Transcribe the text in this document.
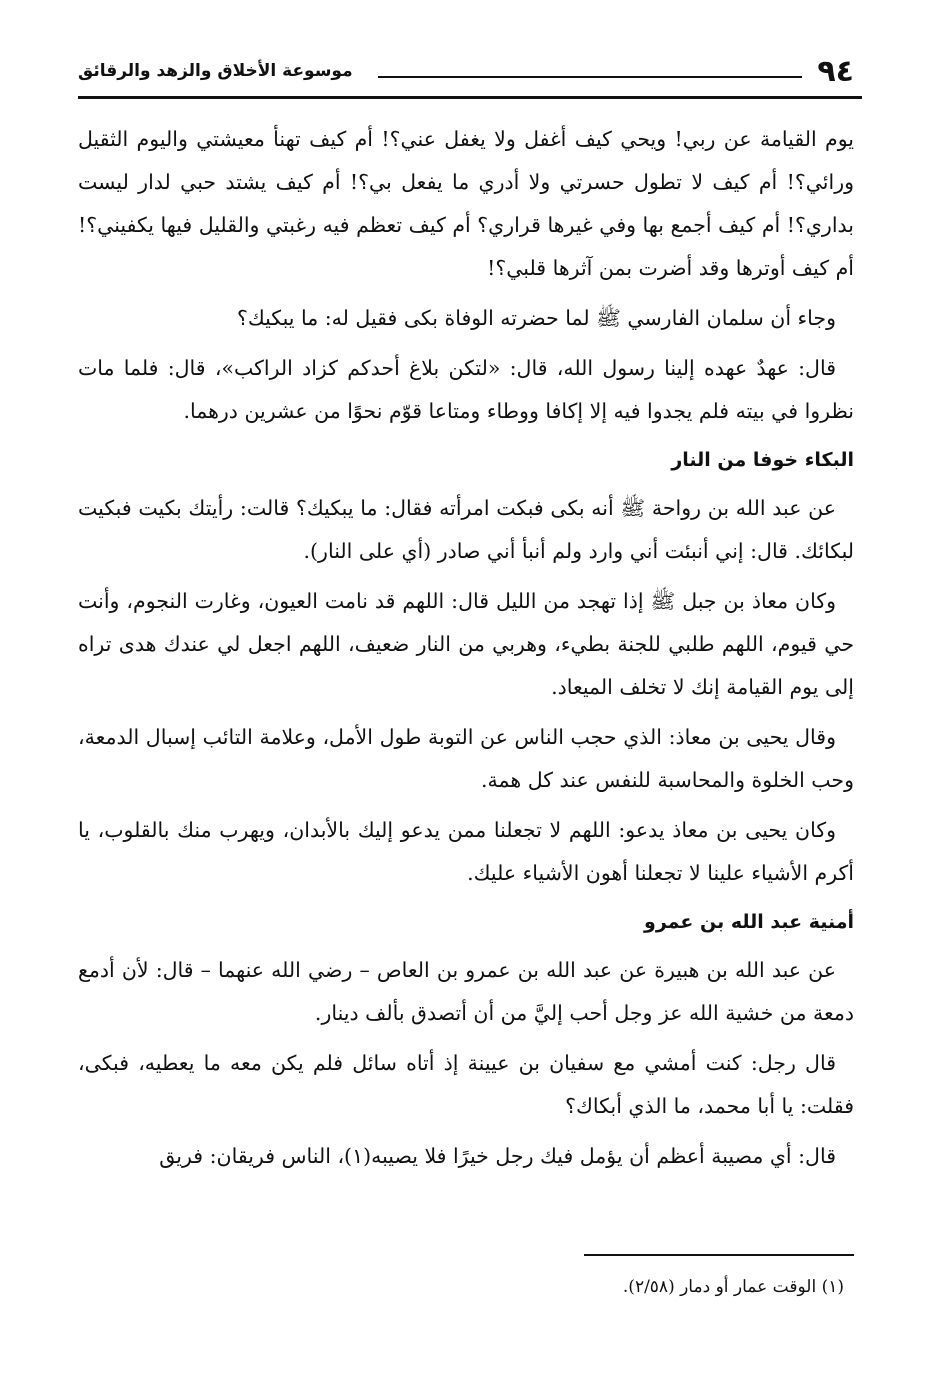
٩٤
موسوعة الأخلاق والزهد والرقائق

يوم القيامة عن ربي! ويحي كيف أغفل ولا يغفل عني؟! أم كيف تهنأ معيشتي واليوم الثقيل ورائي؟! أم كيف لا تطول حسرتي ولا أدري ما يفعل بي؟! أم كيف يشتد حبي لدار ليست بداري؟! أم كيف أجمع بها وفي غيرها قراري؟ أم كيف تعظم فيه رغبتي والقليل فيها يكفيني؟! أم كيف أوترها وقد أضرت بمن آثرها قلبي؟!

وجاء أن سلمان الفارسي ﷺ لما حضرته الوفاة بكى فقيل له: ما يبكيك؟

قال: عهدٌ عهده إلينا رسول الله، قال: «لتكن بلاغ أحدكم كزاد الراكب»، قال: فلما مات نظروا في بيته فلم يجدوا فيه إلا إكافا ووطاء ومتاعا قوّم نحوًا من عشرين درهما.

البكاء خوفا من النار

عن عبد الله بن رواحة ﷺ أنه بكى فبكت امرأته فقال: ما يبكيك؟ قالت: رأيتك بكيت فبكيت لبكائك. قال: إني أنبئت أني وارد ولم أنبأ أني صادر (أي على النار).

وكان معاذ بن جبل ﷺ إذا تهجد من الليل قال: اللهم قد نامت العيون، وغارت النجوم، وأنت حي قيوم، اللهم طلبي للجنة بطيء، وهربي من النار ضعيف، اللهم اجعل لي عندك هدى تراه إلى يوم القيامة إنك لا تخلف الميعاد.

وقال يحيى بن معاذ: الذي حجب الناس عن التوبة طول الأمل، وعلامة التائب إسبال الدمعة، وحب الخلوة والمحاسبة للنفس عند كل همة.

وكان يحيى بن معاذ يدعو: اللهم لا تجعلنا ممن يدعو إليك بالأبدان، ويهرب منك بالقلوب، يا أكرم الأشياء علينا لا تجعلنا أهون الأشياء عليك.

أمنية عبد الله بن عمرو

عن عبد الله بن هبيرة عن عبد الله بن عمرو بن العاص – رضي الله عنهما – قال: لأن أدمع دمعة من خشية الله عز وجل أحب إليَّ من أن أتصدق بألف دينار.

قال رجل: كنت أمشي مع سفيان بن عيينة إذ أتاه سائل فلم يكن معه ما يعطيه، فبكى، فقلت: يا أبا محمد، ما الذي أبكاك؟

قال: أي مصيبة أعظم أن يؤمل فيك رجل خيرًا فلا يصيبه(١)، الناس فريقان: فريق

(١) الوقت عمار أو دمار (٢/٥٨).
